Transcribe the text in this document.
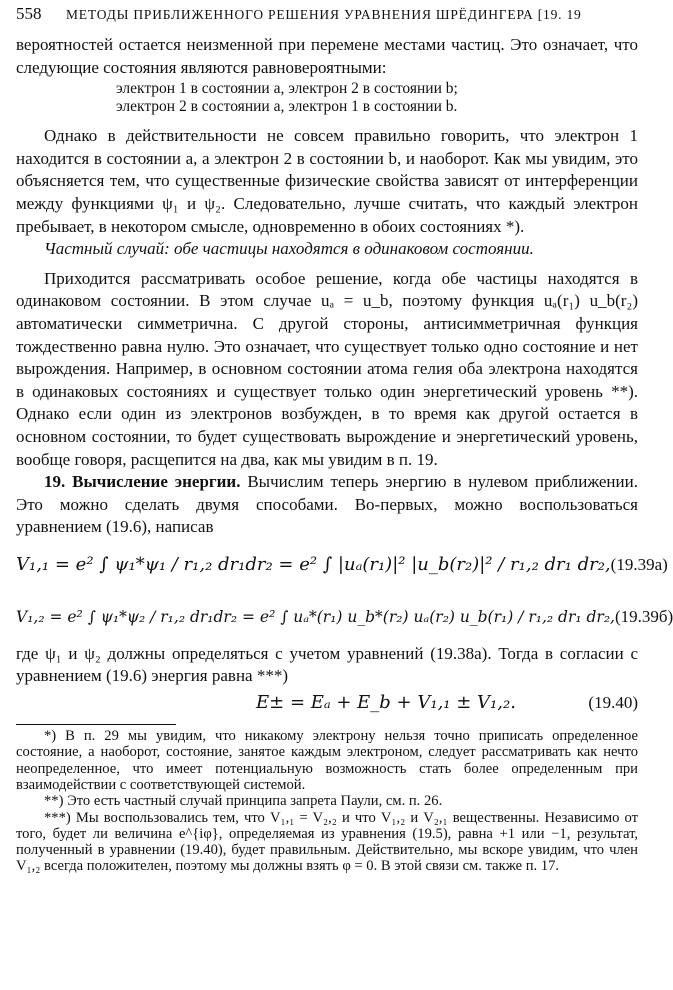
558	МЕТОДЫ ПРИБЛИЖЕННОГО РЕШЕНИЯ УРАВНЕНИЯ ШРЁДИНГЕРА [19. 19

вероятностей остается неизменной при перемене местами частиц. Это означает, что следующие состояния являются равновероятными:

электрон 1 в состоянии a, электрон 2 в состоянии b;
электрон 2 в состоянии a, электрон 1 в состоянии b.

Однако в действительности не совсем правильно говорить, что электрон 1 находится в состоянии a, а электрон 2 в состоянии b, и наоборот. Как мы увидим, это объясняется тем, что существенные физические свойства зависят от интерференции между функциями ψ₁ и ψ₂. Следовательно, лучше считать, что каждый электрон пребывает, в некотором смысле, одновременно в обоих состояниях *).

Частный случай: обе частицы находятся в одинаковом состоянии.

Приходится рассматривать особое решение, когда обе частицы находятся в одинаковом состоянии. В этом случае uₐ = u_b, поэтому функция uₐ(r₁) u_b(r₂) автоматически симметрична. С другой стороны, антисимметричная функция тождественно равна нулю. Это означает, что существует только одно состояние и нет вырождения. Например, в основном состоянии атома гелия оба электрона находятся в одинаковых состояниях и существует только один энергетический уровень **). Однако если один из электронов возбужден, в то время как другой остается в основном состоянии, то будет существовать вырождение и энергетический уровень, вообще говоря, расщепится на два, как мы увидим в п. 19.

19. Вычисление энергии. Вычислим теперь энергию в нулевом приближении. Это можно сделать двумя способами. Во-первых, можно воспользоваться уравнением (19.6), написав

V₁,₁ = e² ∫ ψ₁*ψ₁ / r₁,₂ dr₁dr₂ = e² ∫ |uₐ(r₁)|² |u_b(r₂)|² / r₁,₂ dr₁ dr₂, (19.39а)
V₁,₂ = e² ∫ ψ₁*ψ₂ / r₁,₂ dr₁dr₂ = e² ∫ uₐ*(r₁) u_b*(r₂) uₐ(r₂) u_b(r₁) / r₁,₂ dr₁ dr₂, (19.39б)

где ψ₁ и ψ₂ должны определяться с учетом уравнений (19.38а). Тогда в согласии с уравнением (19.6) энергия равна ***)

E± = Eₐ + E_b + V₁,₁ ± V₁,₂.	(19.40)

*) В п. 29 мы увидим, что никакому электрону нельзя точно приписать определенное состояние, а наоборот, состояние, занятое каждым электроном, следует рассматривать как нечто неопределенное, что имеет потенциальную возможность стать более определенным при взаимодействии с соответствующей системой.

**) Это есть частный случай принципа запрета Паули, см. п. 26.

***) Мы воспользовались тем, что V₁,₁ = V₂,₂ и что V₁,₂ и V₂,₁ вещественны. Независимо от того, будет ли величина e^{iφ}, определяемая из уравнения (19.5), равна +1 или −1, результат, полученный в уравнении (19.40), будет правильным. Действительно, мы вскоре увидим, что член V₁,₂ всегда положителен, поэтому мы должны взять φ = 0. В этой связи см. также п. 17.
